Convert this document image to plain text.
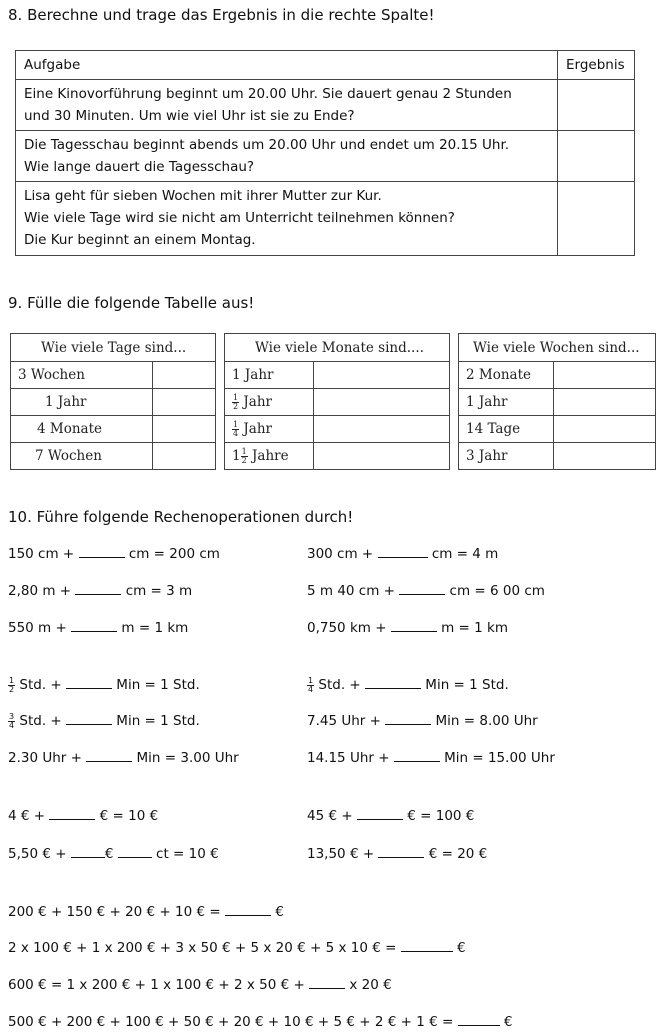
8. Berechne und trage das Ergebnis in die rechte Spalte!
Aufgabe	Ergebnis

Eine Kinovorführung beginnt um 20.00 Uhr. Sie dauert genau 2 Stunden
und 30 Minuten. Um wie viel Uhr ist sie zu Ende?	

Die Tagesschau beginnt abends um 20.00 Uhr und endet um 20.15 Uhr.
Wie lange dauert die Tagesschau?	

Lisa geht für sieben Wochen mit ihrer Mutter zur Kur.
Wie viele Tage wird sie nicht am Unterricht teilnehmen können?
Die Kur beginnt an einem Montag.	

9. Fülle die folgende Tabelle aus!
Wie viele Tage sind...	
3 Wochen	
1 Jahr	
4 Monate	
7 Wochen	
Wie viele Monate sind....	
1 Jahr	

$\frac{1}{2}$ Jahr	

$\frac{1}{4}$ Jahr	
$1 \frac{1}{2}$ Jahre	
Wie viele Wochen sind...	
2 Monate	
1 Jahr	
14 Tage	
3 Jahr	
10. Führe folgende Rechenoperationen durch!
150 cm +	cm = 200 cm
2,80 m +	cm = 3 m
550 m +	m = 1 km
$\frac{1}{2}$ Std. +	Min = 1 Std.
$\frac{3}{4}$ Std. +	Min = 1 Std.
2.30 Uhr +	Min = 3.00 Uhr
4 € +	€ = 10 €
5,50 € +	€	ct = 10 €
300 cm +	cm = 4 m
5 m 40 cm +	cm = 6 00 cm
0,750 km +	m = 1 km
$\frac{1}{4}$ Std. +	Min = 1 Std.
7.45 Uhr +	Min = 8.00 Uhr
14.15 Uhr +	Min = 15.00 Uhr
45 € +	€ = 100 €
13,50 € +	€ = 20 €
200 € + 150 € + 20 € + 10 € =	€
2 x 100 € + 1 x 200 € + 3 x 50 € + 5 x 20 € + 5 x 10 € =	€
600 € = 1 x 200 € + 1 x 100 € + 2 x 50 € +	x 20 €
500 € + 200 € + 100 € + 50 € + 20 € + 10 € + 5 € + 2 € + 1 € =	€
